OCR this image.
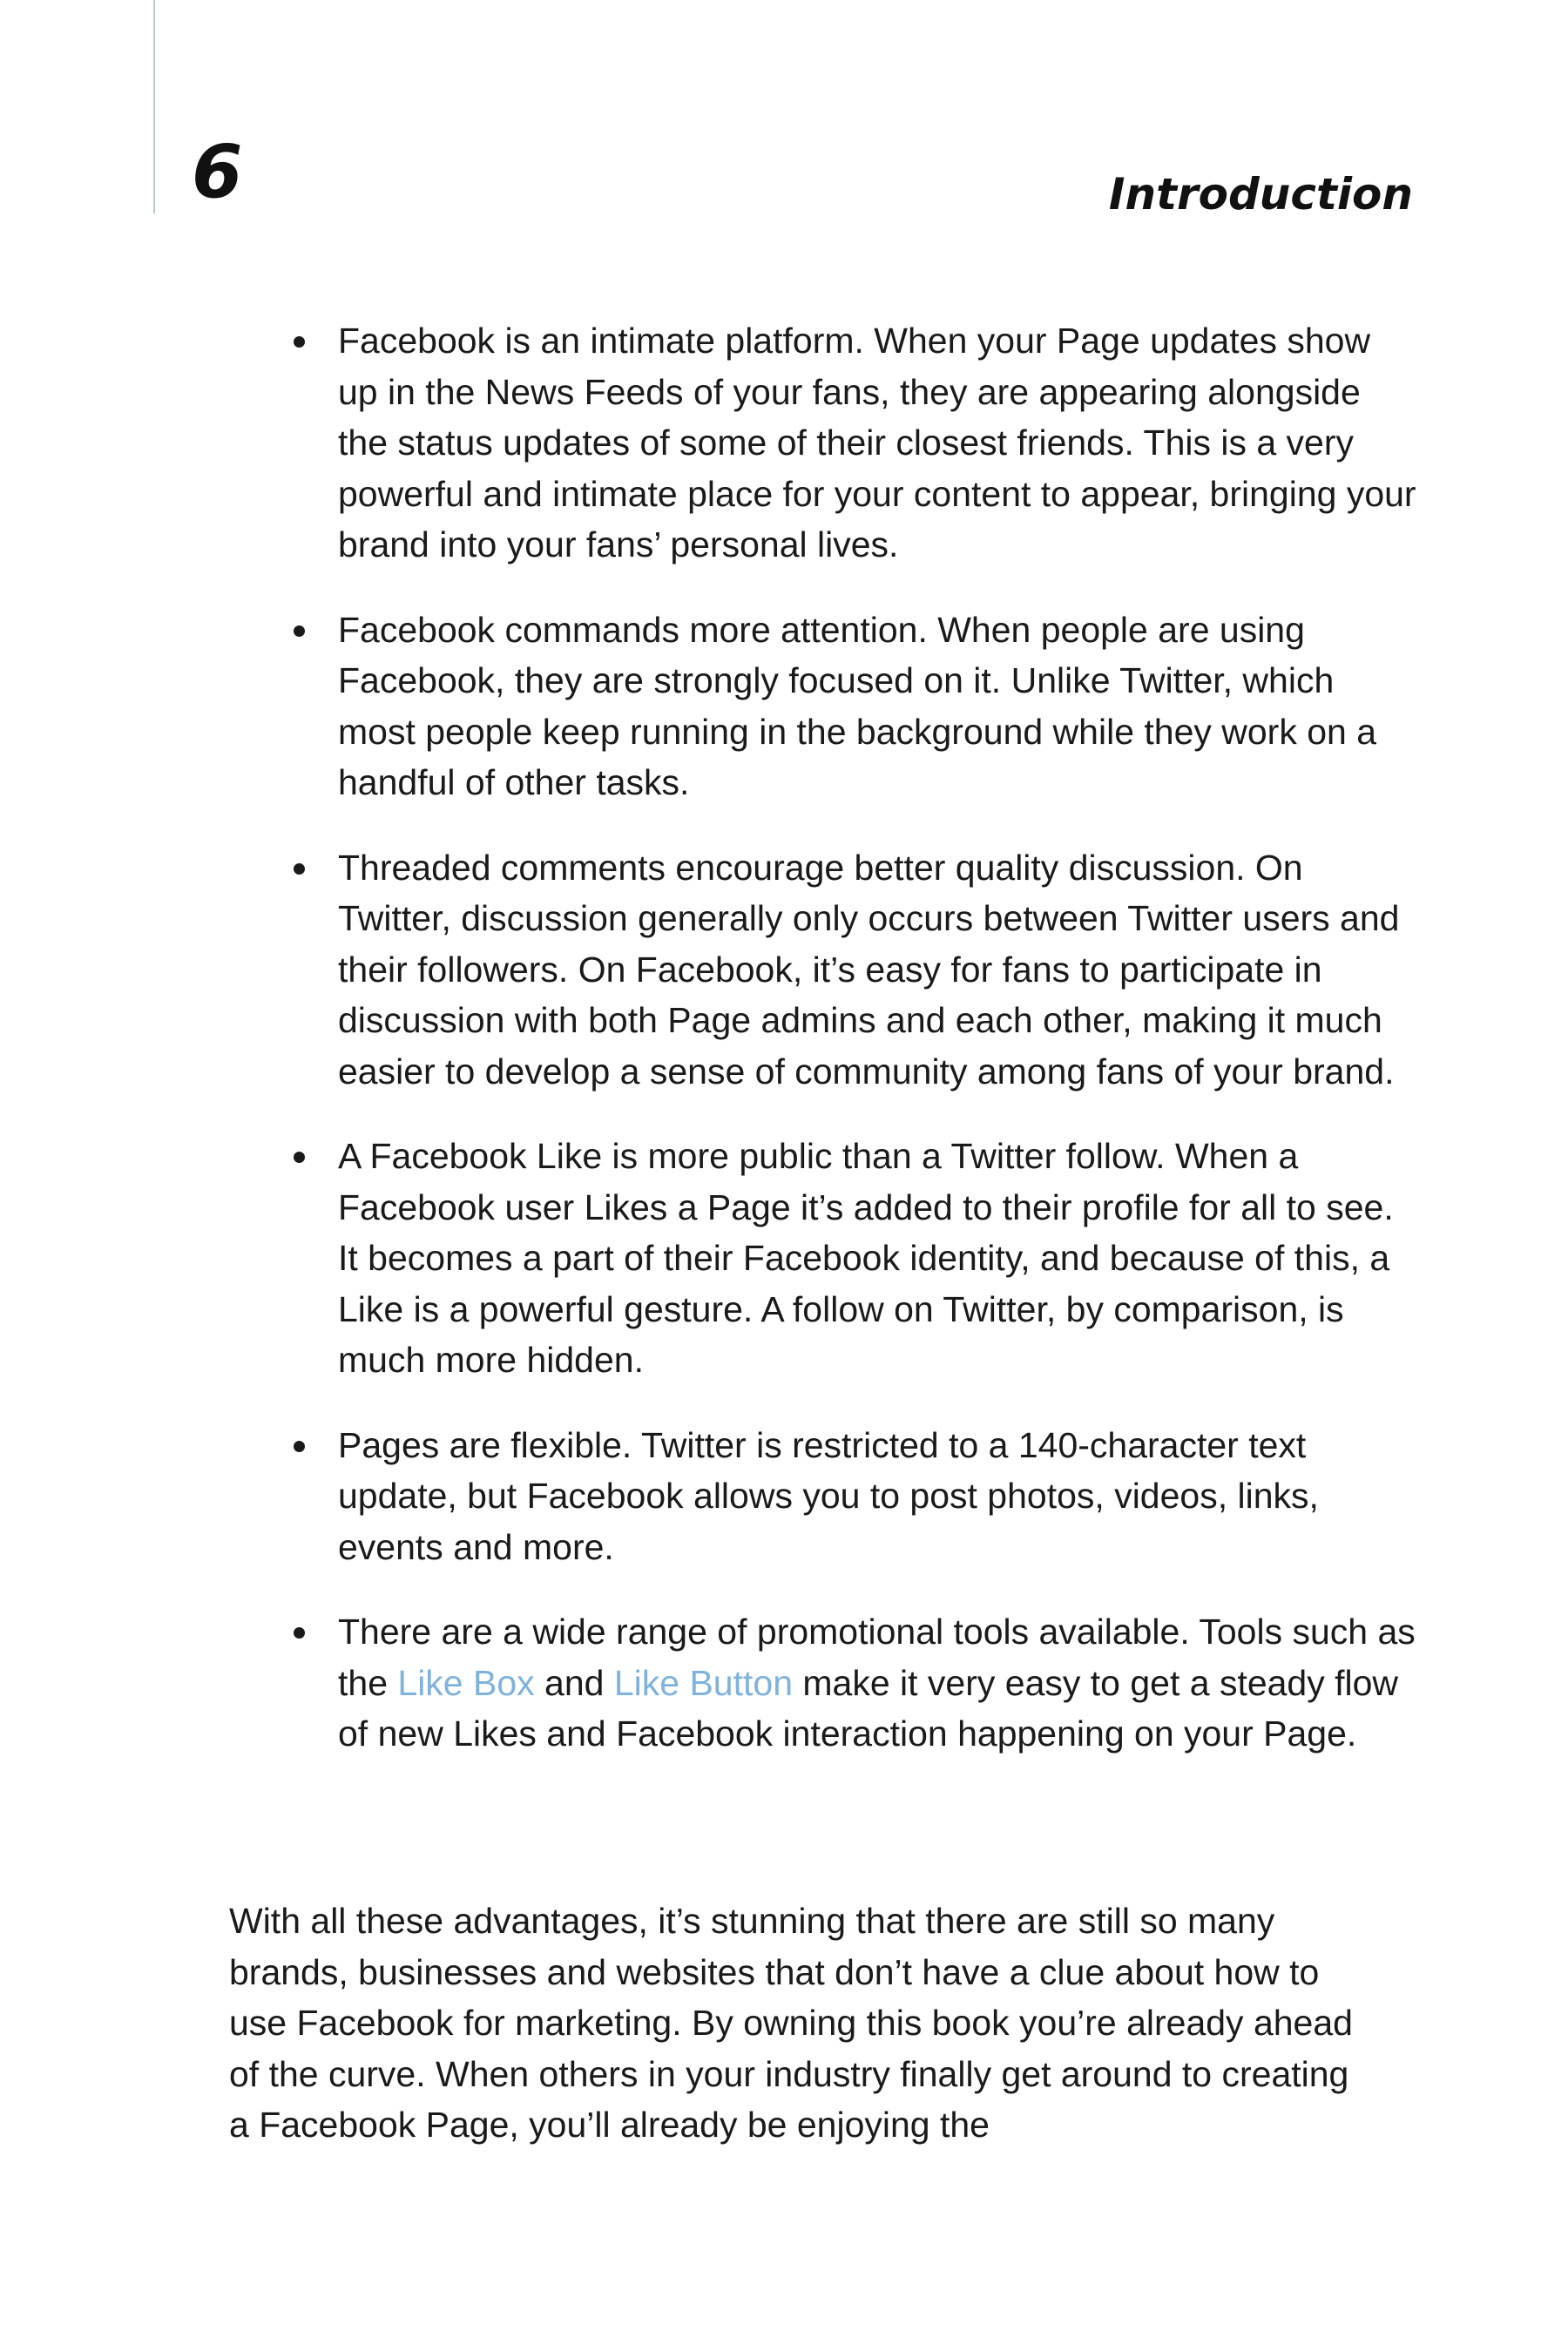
6	Introduction
Facebook is an intimate platform. When your Page updates show up in the News Feeds of your fans, they are appearing alongside the status updates of some of their closest friends. This is a very powerful and intimate place for your content to appear, bringing your brand into your fans’ personal lives.
Facebook commands more attention. When people are using Facebook, they are strongly focused on it. Unlike Twitter, which most people keep running in the background while they work on a handful of other tasks.
Threaded comments encourage better quality discussion. On Twitter, discussion generally only occurs between Twitter users and their followers. On Facebook, it’s easy for fans to participate in discussion with both Page admins and each other, making it much easier to develop a sense of community among fans of your brand.
A Facebook Like is more public than a Twitter follow. When a Facebook user Likes a Page it’s added to their profile for all to see. It becomes a part of their Facebook identity, and because of this, a Like is a powerful gesture. A follow on Twitter, by comparison, is much more hidden.
Pages are flexible. Twitter is restricted to a 140-character text update, but Facebook allows you to post photos, videos, links, events and more.
There are a wide range of promotional tools available. Tools such as the Like Box and Like Button make it very easy to get a steady flow of new Likes and Facebook interaction happening on your Page.

With all these advantages, it’s stunning that there are still so many brands, businesses and websites that don’t have a clue about how to use Facebook for marketing. By owning this book you’re already ahead of the curve. When others in your industry finally get around to creating a Facebook Page, you’ll already be enjoying the
